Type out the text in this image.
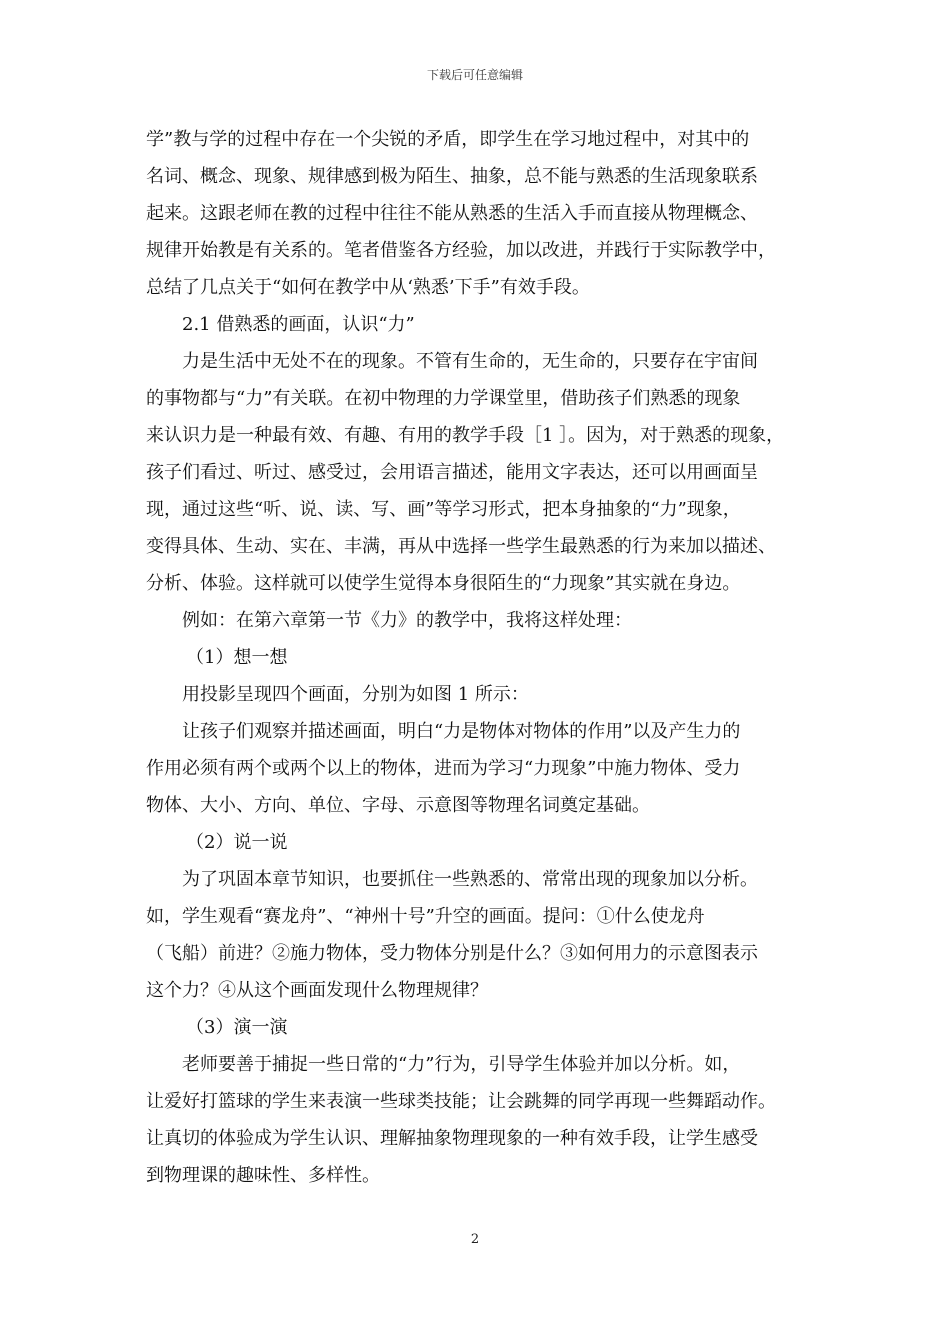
下载后可任意编辑
学”教与学的过程中存在一个尖锐的矛盾，即学生在学习地过程中，对其中的
名词、概念、现象、规律感到极为陌生、抽象，总不能与熟悉的生活现象联系
起来。这跟老师在教的过程中往往不能从熟悉的生活入手而直接从物理概念、
规律开始教是有关系的。笔者借鉴各方经验，加以改进，并践行于实际教学中，
总结了几点关于“如何在教学中从‘熟悉’下手”有效手段。
2.1 借熟悉的画面，认识“力”
力是生活中无处不在的现象。不管有生命的，无生命的，只要存在宇宙间
的事物都与“力”有关联。在初中物理的力学课堂里，借助孩子们熟悉的现象
来认识力是一种最有效、有趣、有用的教学手段［1 ］。因为，对于熟悉的现象，
孩子们看过、听过、感受过，会用语言描述，能用文字表达，还可以用画面呈
现，通过这些“听、说、读、写、画”等学习形式，把本身抽象的“力”现象，
变得具体、生动、实在、丰满，再从中选择一些学生最熟悉的行为来加以描述、
分析、体验。这样就可以使学生觉得本身很陌生的“力现象”其实就在身边。
例如：在第六章第一节《力》的教学中，我将这样处理：
（1）想一想
用投影呈现四个画面，分别为如图 1 所示：
让孩子们观察并描述画面，明白“力是物体对物体的作用”以及产生力的
作用必须有两个或两个以上的物体，进而为学习“力现象”中施力物体、受力
物体、大小、方向、单位、字母、示意图等物理名词奠定基础。
（2）说一说
为了巩固本章节知识，也要抓住一些熟悉的、常常出现的现象加以分析。
如，学生观看“赛龙舟”、“神州十号”升空的画面。提问：①什么使龙舟
（飞船）前进？②施力物体，受力物体分别是什么？③如何用力的示意图表示
这个力？④从这个画面发现什么物理规律？
（3）演一演
老师要善于捕捉一些日常的“力”行为，引导学生体验并加以分析。如，
让爱好打篮球的学生来表演一些球类技能；让会跳舞的同学再现一些舞蹈动作。
让真切的体验成为学生认识、理解抽象物理现象的一种有效手段，让学生感受
到物理课的趣味性、多样性。
2
